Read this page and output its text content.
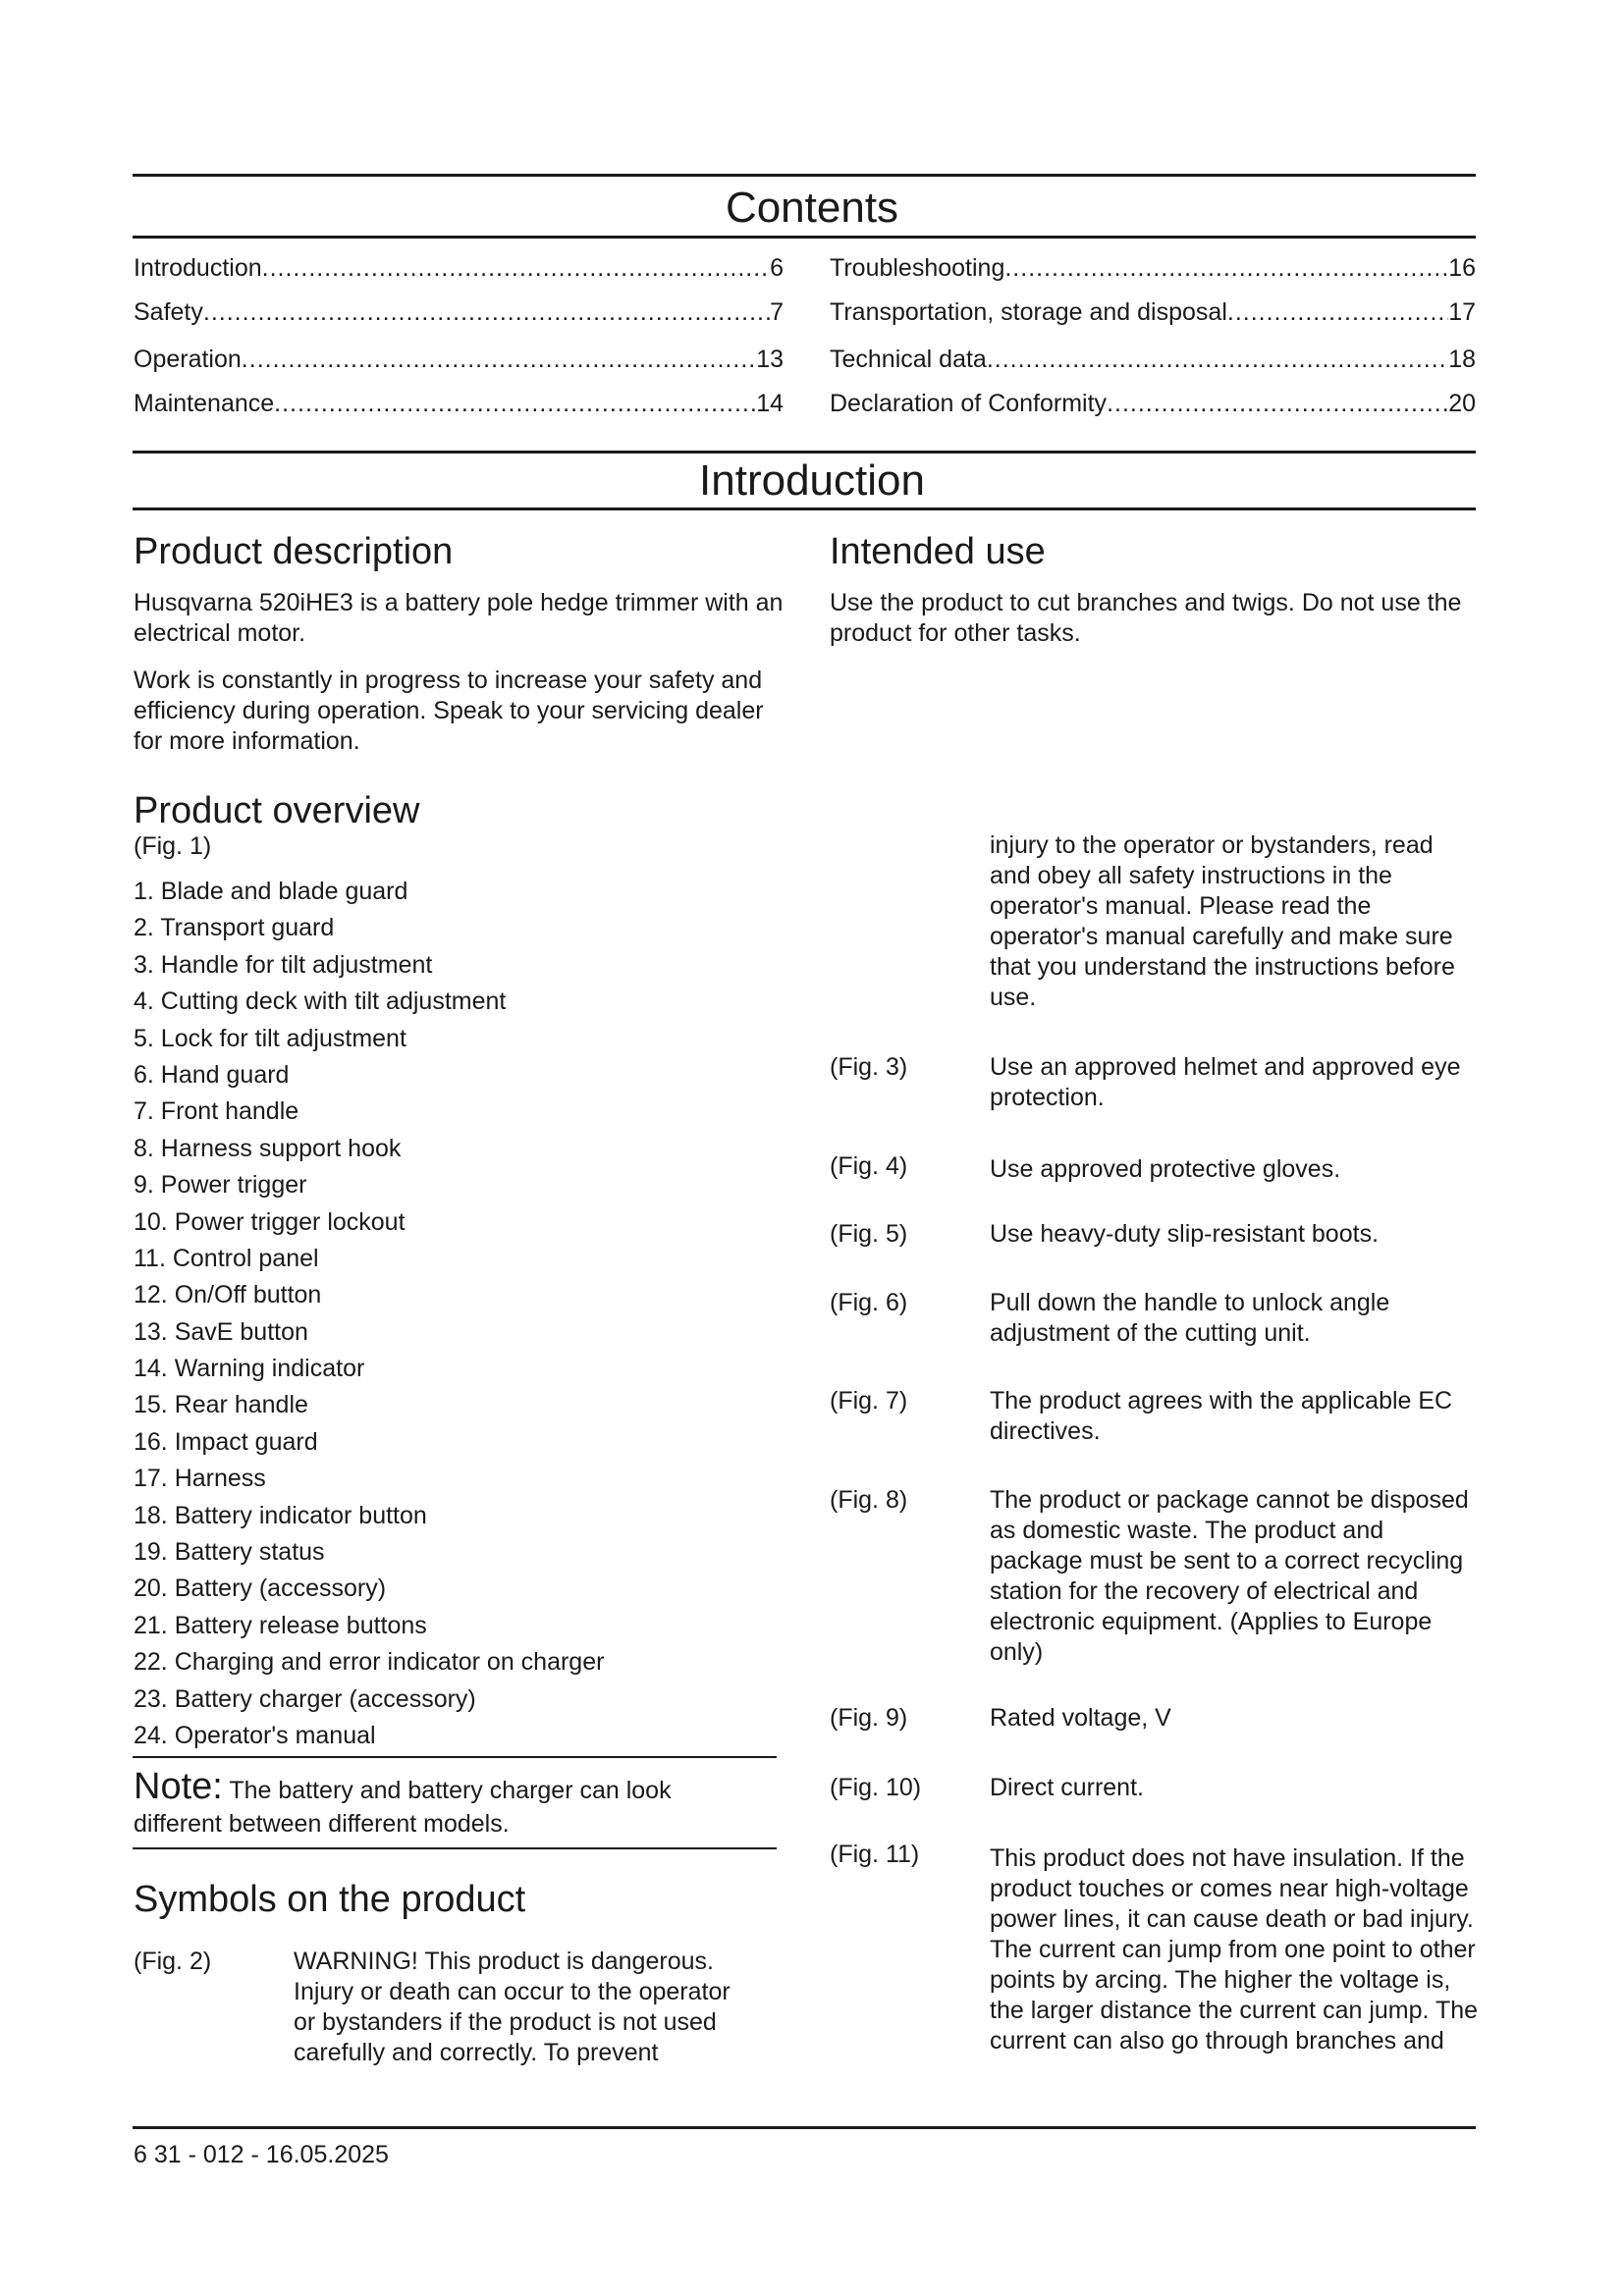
Contents
Introduction .....	6
Safety .....	7
Operation .....	13
Maintenance .....	14
Troubleshooting .....	16
Transportation, storage and disposal .....	17
Technical data .....	18
Declaration of Conformity .....	20
Introduction
Product description
Husqvarna 520iHE3 is a battery pole hedge trimmer with an electrical motor.
Work is constantly in progress to increase your safety and efficiency during operation. Speak to your servicing dealer for more information.
Product overview
(Fig. 1)
1. Blade and blade guard
2. Transport guard
3. Handle for tilt adjustment
4. Cutting deck with tilt adjustment
5. Lock for tilt adjustment
6. Hand guard
7. Front handle
8. Harness support hook
9. Power trigger
10. Power trigger lockout
11. Control panel
12. On/Off button
13. SavE button
14. Warning indicator
15. Rear handle
16. Impact guard
17. Harness
18. Battery indicator button
19. Battery status
20. Battery (accessory)
21. Battery release buttons
22. Charging and error indicator on charger
23. Battery charger (accessory)
24. Operator's manual
Note: The battery and battery charger can look different between different models.
Symbols on the product
(Fig. 2)	WARNING! This product is dangerous. Injury or death can occur to the operator or bystanders if the product is not used carefully and correctly. To prevent
Intended use
Use the product to cut branches and twigs. Do not use the product for other tasks.
injury to the operator or bystanders, read and obey all safety instructions in the operator's manual. Please read the operator's manual carefully and make sure that you understand the instructions before use.
(Fig. 3)	Use an approved helmet and approved eye protection.
(Fig. 4)	Use approved protective gloves.
(Fig. 5)	Use heavy-duty slip-resistant boots.
(Fig. 6)	Pull down the handle to unlock angle adjustment of the cutting unit.
(Fig. 7)	The product agrees with the applicable EC directives.
(Fig. 8)	The product or package cannot be disposed as domestic waste. The product and package must be sent to a correct recycling station for the recovery of electrical and electronic equipment. (Applies to Europe only)
(Fig. 9)	Rated voltage, V
(Fig. 10)	Direct current.
(Fig. 11)	This product does not have insulation. If the product touches or comes near high-voltage power lines, it can cause death or bad injury. The current can jump from one point to other points by arcing. The higher the voltage is, the larger distance the current can jump. The current can also go through branches and
6 31 - 012 - 16.05.2025
